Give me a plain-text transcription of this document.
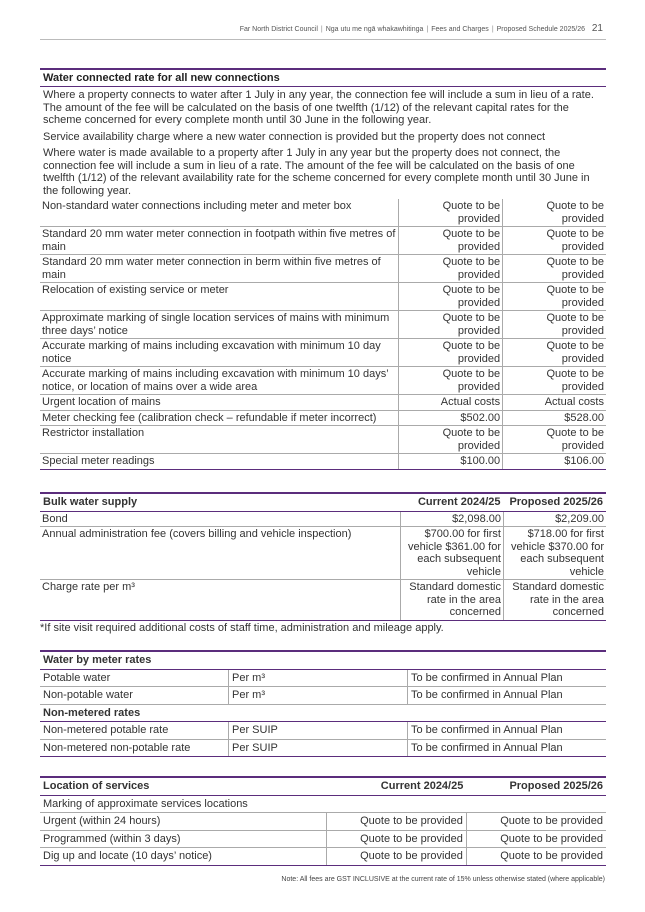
Far North District Council | Nga utu me ngā whakawhitinga | Fees and Charges | Proposed Schedule 2025/26 21
Water connected rate for all new connections
Where a property connects to water after 1 July in any year, the connection fee will include a sum in lieu of a rate. The amount of the fee will be calculated on the basis of one twelfth (1/12) of the relevant capital rates for the scheme concerned for every complete month until 30 June in the following year.
Service availability charge where a new water connection is provided but the property does not connect
Where water is made available to a property after 1 July in any year but the property does not connect, the connection fee will include a sum in lieu of a rate. The amount of the fee will be calculated on the basis of one twelfth (1/12) of the relevant availability rate for the scheme concerned for every complete month until 30 June in the following year.
Non-standard water connections including meter and meter box	Quote to be provided	Quote to be provided
Standard 20 mm water meter connection in footpath within five metres of main	Quote to be provided	Quote to be provided
Standard 20 mm water meter connection in berm within five metres of main	Quote to be provided	Quote to be provided
Relocation of existing service or meter	Quote to be provided	Quote to be provided
Approximate marking of single location services of mains with minimum three days’ notice	Quote to be provided	Quote to be provided
Accurate marking of mains including excavation with minimum 10 day notice	Quote to be provided	Quote to be provided
Accurate marking of mains including excavation with minimum 10 days’ notice, or location of mains over a wide area	Quote to be provided	Quote to be provided
Urgent location of mains	Actual costs	Actual costs
Meter checking fee (calibration check – refundable if meter incorrect)	$502.00	$528.00
Restrictor installation	Quote to be provided	Quote to be provided
Special meter readings	$100.00	$106.00
Bulk water supply	Current 2024/25	Proposed 2025/26
Bond	$2,098.00	$2,209.00
Annual administration fee (covers billing and vehicle inspection)	$700.00 for first vehicle $361.00 for each subsequent vehicle	$718.00 for first vehicle $370.00 for each subsequent vehicle
Charge rate per m³	Standard domestic rate in the area concerned	Standard domestic rate in the area concerned
*If site visit required additional costs of staff time, administration and mileage apply.
Water by meter rates		
Potable water	Per m³	To be confirmed in Annual Plan
Non-potable water	Per m³	To be confirmed in Annual Plan
Non-metered rates		
Non-metered potable rate	Per SUIP	To be confirmed in Annual Plan
Non-metered non-potable rate	Per SUIP	To be confirmed in Annual Plan
Location of services	Current 2024/25	Proposed 2025/26
Marking of approximate services locations		
Urgent (within 24 hours)	Quote to be provided	Quote to be provided
Programmed (within 3 days)	Quote to be provided	Quote to be provided
Dig up and locate (10 days’ notice)	Quote to be provided	Quote to be provided
Note: All fees are GST INCLUSIVE at the current rate of 15% unless otherwise stated (where applicable)
